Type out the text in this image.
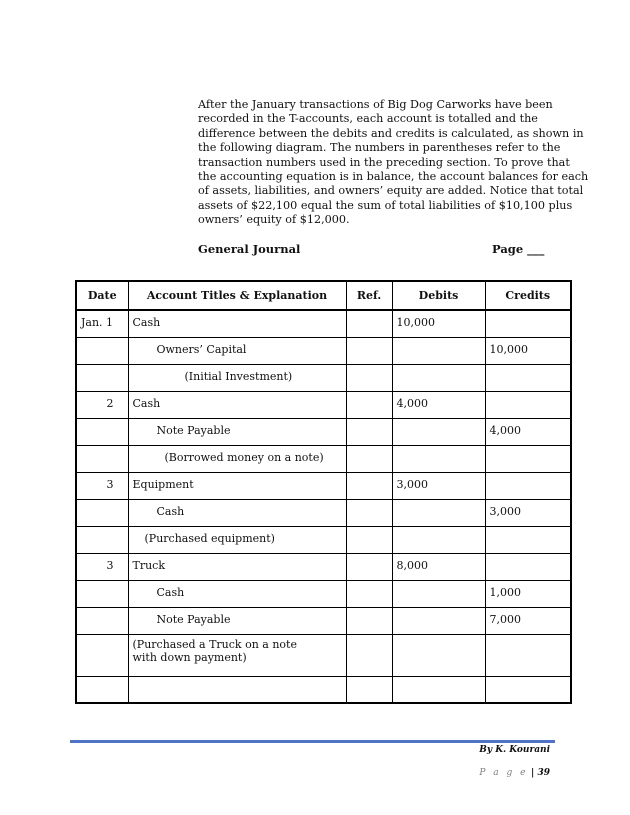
After the January transactions of Big Dog Carworks have been
recorded in the T-accounts, each account is totalled and the
difference between the debits and credits is calculated, as shown in
the following diagram. The numbers in parentheses refer to the
transaction numbers used in the preceding section. To prove that
the accounting equation is in balance, the account balances for each
of assets, liabilities, and owners’ equity are added. Notice that total
assets of $22,100 equal the sum of total liabilities of $10,100 plus
owners’ equity of $12,000.
General Journal	Page ___
Date	Account Titles & Explanation	Ref.	Debits	Credits
Jan. 1	Cash		10,000	
	Owners’ Capital			10,000
	(Initial Investment)			
2	Cash		4,000	
	Note Payable			4,000
	(Borrowed money on a note)			
3	Equipment		3,000	
	Cash			3,000
	(Purchased equipment)			
3	Truck		8,000	
	Cash			1,000
	Note Payable			7,000
	(Purchased a Truck on a note
with down payment)			

By K. Kourani
P a g e | 39
